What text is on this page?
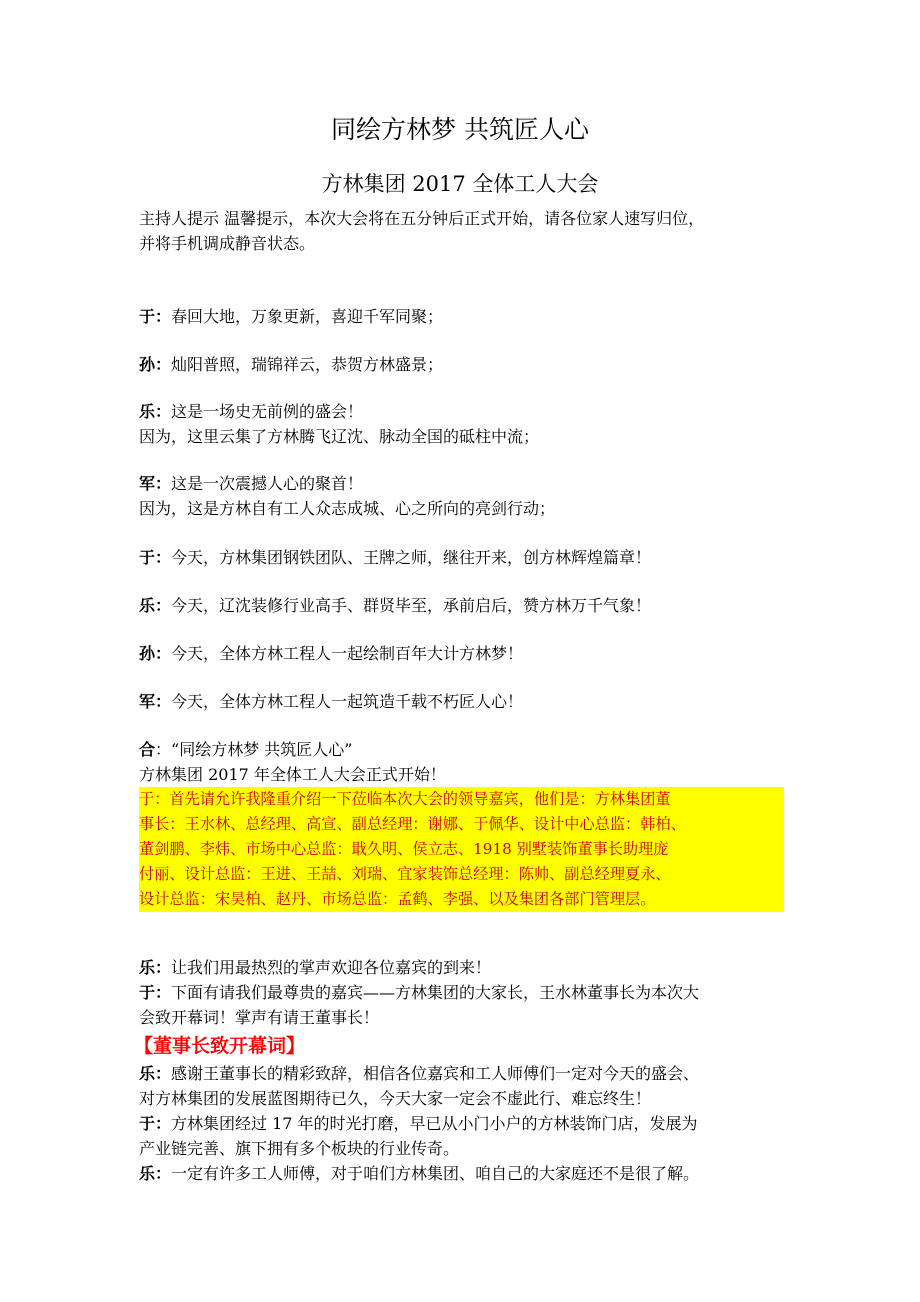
同绘方林梦 共筑匠人心
方林集团 2017 全体工人大会
主持人提示 温馨提示，本次大会将在五分钟后正式开始，请各位家人速写归位，
并将手机调成静音状态。
于：春回大地，万象更新，喜迎千军同聚；
孙：灿阳普照，瑞锦祥云，恭贺方林盛景；
乐：这是一场史无前例的盛会！
因为，这里云集了方林腾飞辽沈、脉动全国的砥柱中流；
军：这是一次震撼人心的聚首！
因为，这是方林自有工人众志成城、心之所向的亮剑行动；
于：今天，方林集团钢铁团队、王牌之师，继往开来，创方林辉煌篇章！
乐：今天，辽沈装修行业高手、群贤毕至，承前启后，赞方林万千气象！
孙：今天，全体方林工程人一起绘制百年大计方林梦！
军：今天，全体方林工程人一起筑造千载不朽匠人心！
合：“同绘方林梦 共筑匠人心”
方林集团 2017 年全体工人大会正式开始！
于：首先请允许我隆重介绍一下莅临本次大会的领导嘉宾，他们是：方林集团董
事长：王水林、总经理、高宣、副总经理：谢娜、于佩华、设计中心总监：韩柏、
董剑鹏、李炜、市场中心总监：戢久明、侯立志、1918 别墅装饰董事长助理庞
付丽、设计总监：王进、王喆、刘瑞、宜家装饰总经理：陈帅、副总经理夏永、
设计总监：宋昊柏、赵丹、市场总监：孟鹤、李强、以及集团各部门管理层。
乐：让我们用最热烈的掌声欢迎各位嘉宾的到来！
于：下面有请我们最尊贵的嘉宾——方林集团的大家长，王水林董事长为本次大
会致开幕词！掌声有请王董事长！
【董事长致开幕词】
乐：感谢王董事长的精彩致辞，相信各位嘉宾和工人师傅们一定对今天的盛会、
对方林集团的发展蓝图期待已久，今天大家一定会不虚此行、难忘终生！
于：方林集团经过 17 年的时光打磨，早已从小门小户的方林装饰门店，发展为
产业链完善、旗下拥有多个板块的行业传奇。
乐：一定有许多工人师傅，对于咱们方林集团、咱自己的大家庭还不是很了解。
